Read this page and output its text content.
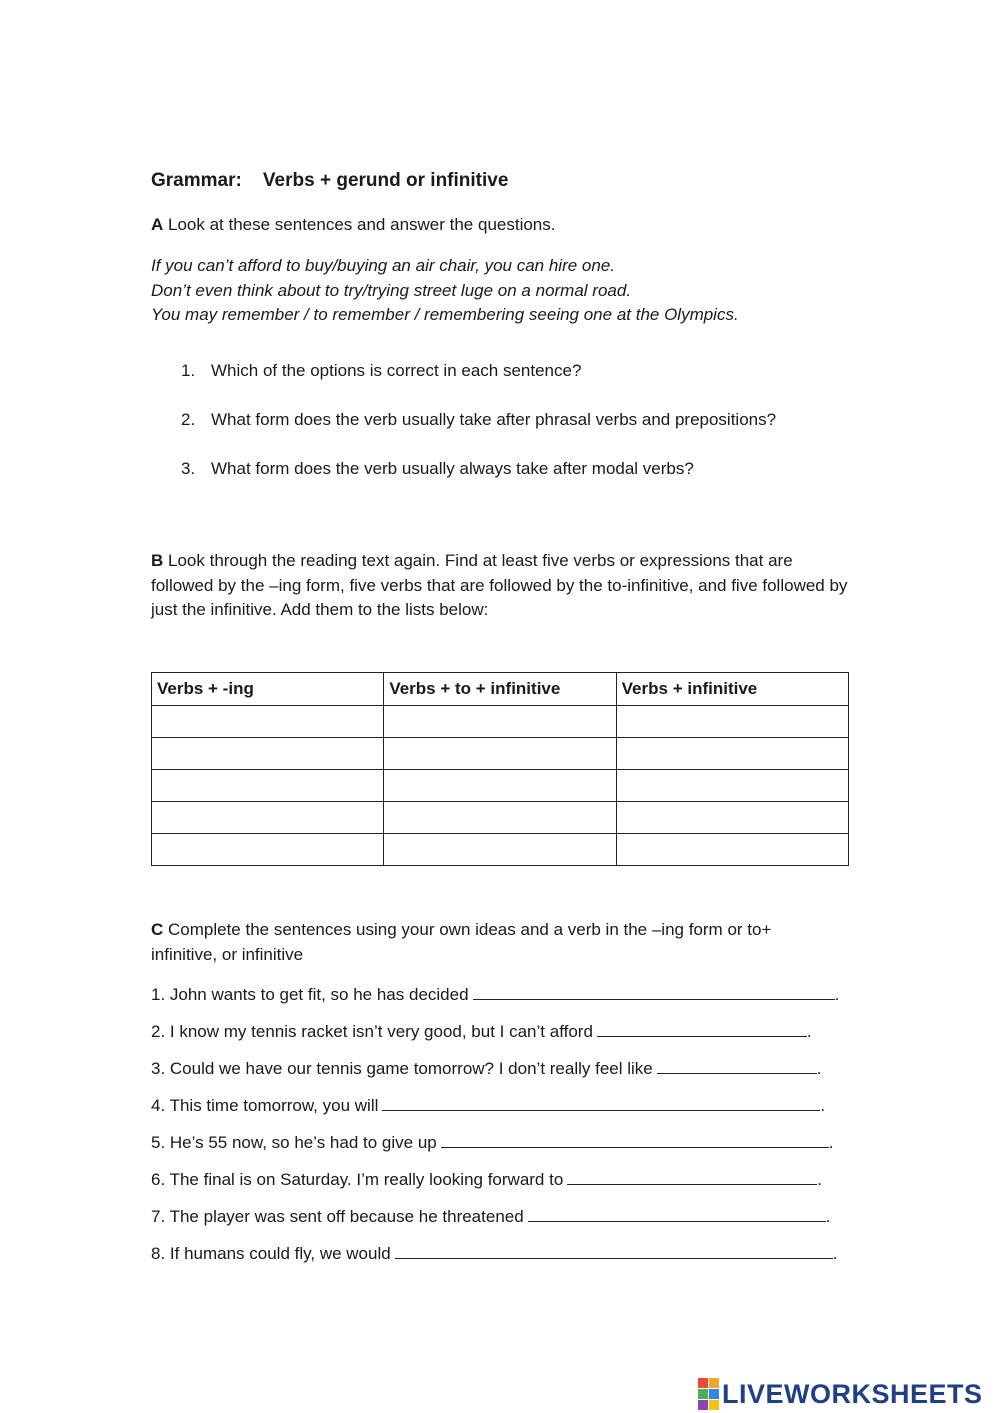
Grammar:    Verbs + gerund or infinitive
A Look at these sentences and answer the questions.
If you can’t afford to buy/buying an air chair, you can hire one.
Don’t even think about to try/trying street luge on a normal road.
You may remember / to remember / remembering seeing one at the Olympics.
1. Which of the options is correct in each sentence?
2. What form does the verb usually take after phrasal verbs and prepositions?
3. What form does the verb usually always take after modal verbs?
B Look through the reading text again. Find at least five verbs or expressions that are followed by the –ing form, five verbs that are followed by the to-infinitive, and five followed by just the infinitive. Add them to the lists below:
Verbs + -ing	Verbs + to + infinitive	Verbs + infinitive

C Complete the sentences using your own ideas and a verb in the –ing form or to+ infinitive, or infinitive
1. John wants to get fit, so he has decided	.
2. I know my tennis racket isn’t very good, but I can’t afford	.
3. Could we have our tennis game tomorrow? I don’t really feel like	.
4. This time tomorrow, you will	.
5. He’s 55 now, so he’s had to give up	.
6. The final is on Saturday. I’m really looking forward to	.
7. The player was sent off because he threatened	.
8. If humans could fly, we would	.
LIVEWORKSHEETS
